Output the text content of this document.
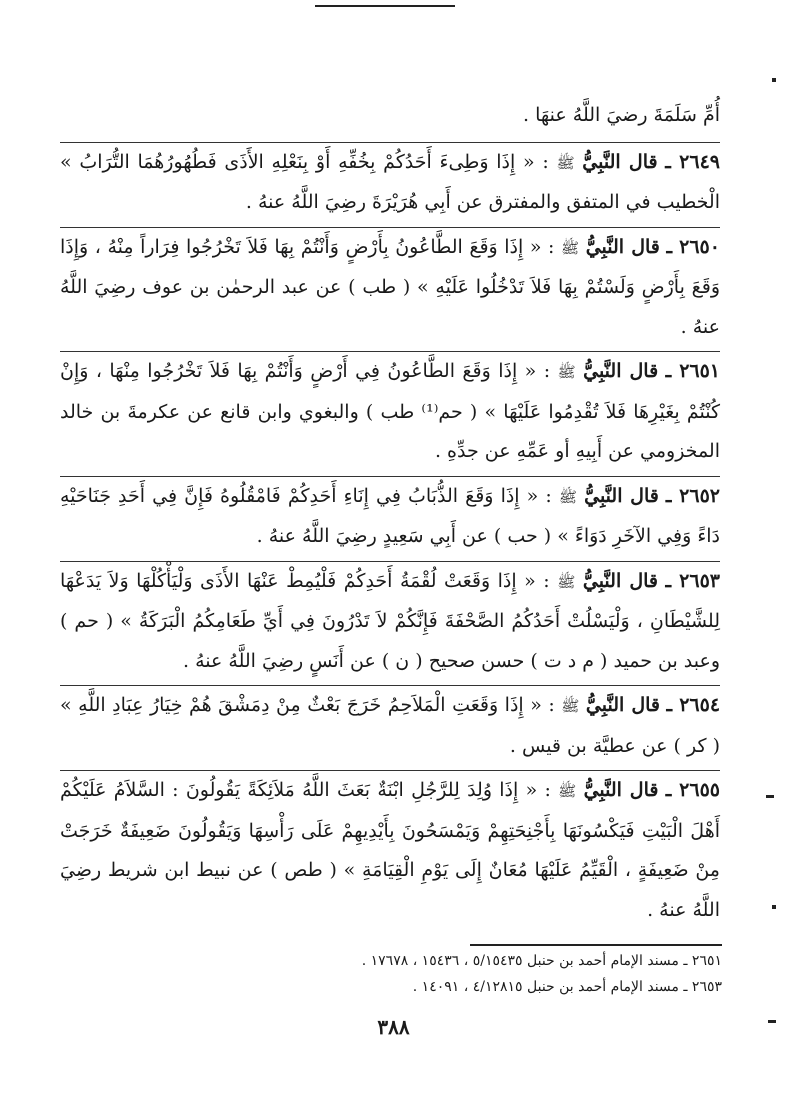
أُمِّ سَلَمَةَ رضيَ اللَّهُ عنهَا .

٢٦٤٩ ـ قال النَّبِيُّ ﷺ : « إِذَا وَطِىءَ أَحَدُكُمْ بِخُفِّهِ أَوْ بِنَعْلِهِ الأَذَى فَطُهُورُهُمَا التُّرَابُ » الْخطيب في المتفق والمفترق عن أَبِي هُرَيْرَةَ رضِيَ اللَّهُ عنهُ .

٢٦٥٠ ـ قال النَّبِيُّ ﷺ : « إِذَا وَقَعَ الطَّاعُونُ بِأَرْضٍ وَأَنْتُمْ بِهَا فَلاَ تَخْرُجُوا فِرَاراً مِنْهُ ، وَإِذَا وَقَعَ بِأَرْضٍ وَلَسْتُمْ بِهَا فَلاَ تَدْخُلُوا عَلَيْهِ » ( طب ) عن عبد الرحمٰن بن عوف رضِيَ اللَّهُ عنهُ .

٢٦٥١ ـ قال النَّبِيُّ ﷺ : « إِذَا وَقَعَ الطَّاعُونُ فِي أَرْضٍ وَأَنْتُمْ بِهَا فَلاَ تَخْرُجُوا مِنْهَا ، وَإِنْ كُنْتُمْ بِغَيْرِهَا فَلاَ تُقْدِمُوا عَلَيْهَا » ( حم⁽¹⁾ طب ) والبغوي وابن قانع عن عكرمةَ بن خالد المخزومي عن أَبِيهِ أو عَمِّهِ عن جدِّهِ .

٢٦٥٢ ـ قال النَّبِيُّ ﷺ : « إِذَا وَقَعَ الذُّبَابُ فِي إِنَاءِ أَحَدِكُمْ فَامْقُلُوهُ فَإِنَّ فِي أَحَدِ جَنَاحَيْهِ دَاءً وَفِي الآخَرِ دَوَاءً » ( حب ) عن أَبِي سَعِيدٍ رضِيَ اللَّهُ عنهُ .

٢٦٥٣ ـ قال النَّبِيُّ ﷺ : « إِذَا وَقَعَتْ لُقْمَةُ أَحَدِكُمْ فَلْيُمِطْ عَنْهَا الأَذَى وَلْيَأْكُلْهَا وَلاَ يَدَعْهَا لِلشَّيْطَانِ ، وَلْيَسْلُتْ أَحَدُكُمُ الصَّحْفَةَ فَإِنَّكُمْ لاَ تَدْرُونَ فِي أَيِّ طَعَامِكُمُ الْبَرَكَةُ » ( حم ) وعبد بن حميد ( م د ت ) حسن صحيح ( ن ) عن أَنَسٍ رضِيَ اللَّهُ عنهُ .

٢٦٥٤ ـ قال النَّبِيُّ ﷺ : « إِذَا وَقَعَتِ الْمَلاَحِمُ خَرَجَ بَعْثٌ مِنْ دِمَشْقَ هُمْ خِيَارُ عِبَادِ اللَّهِ » ( كر ) عن عطيَّة بن قيس .

٢٦٥٥ ـ قال النَّبِيُّ ﷺ : « إِذَا وُلِدَ لِلرَّجُلِ ابْنَةٌ بَعَثَ اللَّهُ مَلاَئِكَةً يَقُولُونَ : السَّلاَمُ عَلَيْكُمْ أَهْلَ الْبَيْتِ فَيَكْسُونَهَا بِأَجْنِحَتِهِمْ وَيَمْسَحُونَ بِأَيْدِيهِمْ عَلَى رَأْسِهَا وَيَقُولُونَ ضَعِيفَةٌ خَرَجَتْ مِنْ ضَعِيفَةٍ ، الْقَيِّمُ عَلَيْهَا مُعَانٌ إِلَى يَوْمِ الْقِيَامَةِ » ( طص ) عن نبيط ابن شريط رضِيَ اللَّهُ عنهُ .

٢٦٥١ ـ مسند الإمام أحمد بن حنبل ٥/١٥٤٣٥ ، ١٥٤٣٦ ، ١٧٦٧٨ .

٢٦٥٣ ـ مسند الإمام أحمد بن حنبل ٤/١٢٨١٥ ، ١٤٠٩١ .

٣٨٨
